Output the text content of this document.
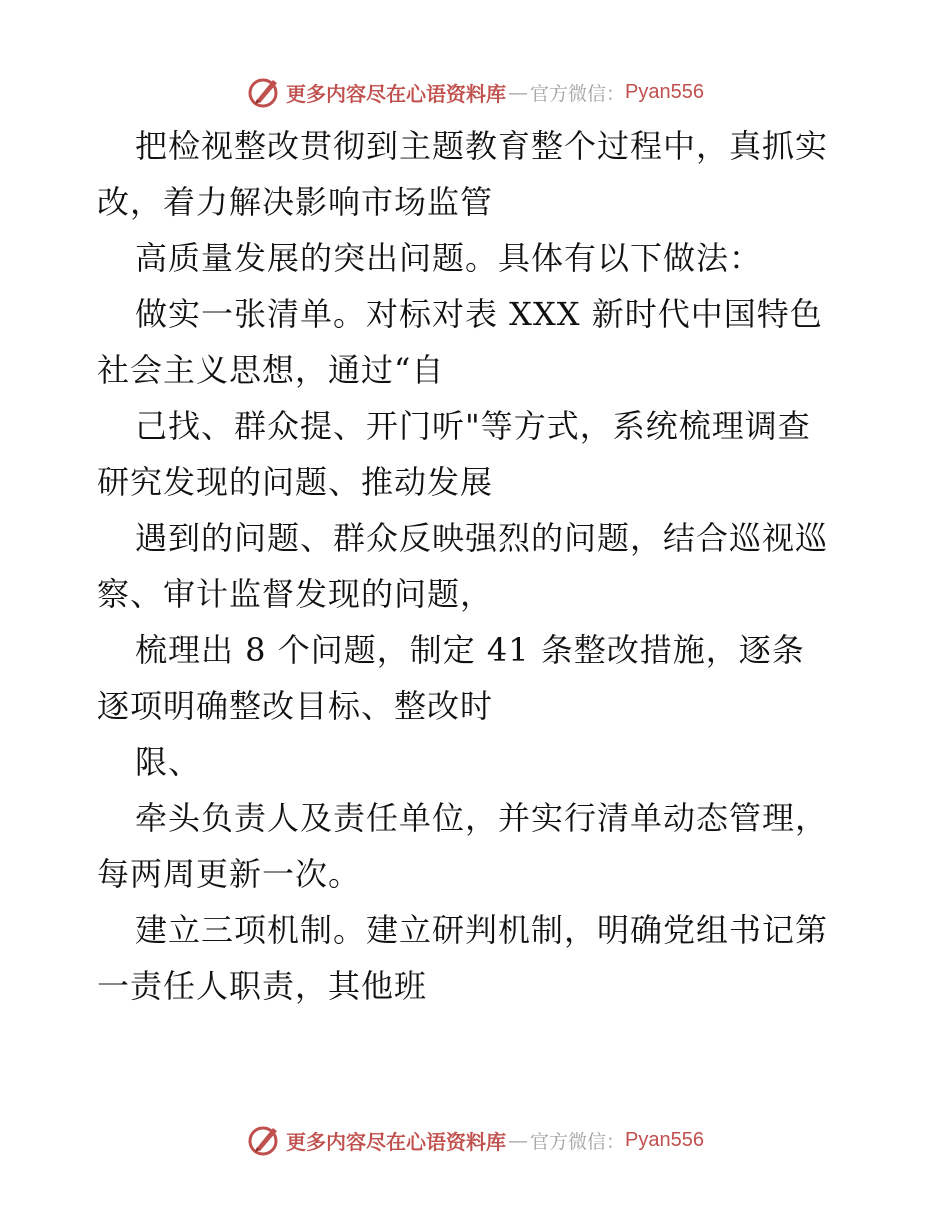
更多内容尽在心语资料库 — 官方微信： Pyan556
把检视整改贯彻到主题教育整个过程中，真抓实
改，着力解决影响市场监管
高质量发展的突出问题。具体有以下做法：
做实一张清单。对标对表 XXX 新时代中国特色
社会主义思想，通过“自
己找、群众提、开门听"等方式，系统梳理调查
研究发现的问题、推动发展
遇到的问题、群众反映强烈的问题，结合巡视巡
察、审计监督发现的问题，
梳理出 8 个问题，制定 41 条整改措施，逐条
逐项明确整改目标、整改时
限、
牵头负责人及责任单位，并实行清单动态管理，
每两周更新一次。
建立三项机制。建立研判机制，明确党组书记第
一责任人职责，其他班
更多内容尽在心语资料库 — 官方微信： Pyan556
